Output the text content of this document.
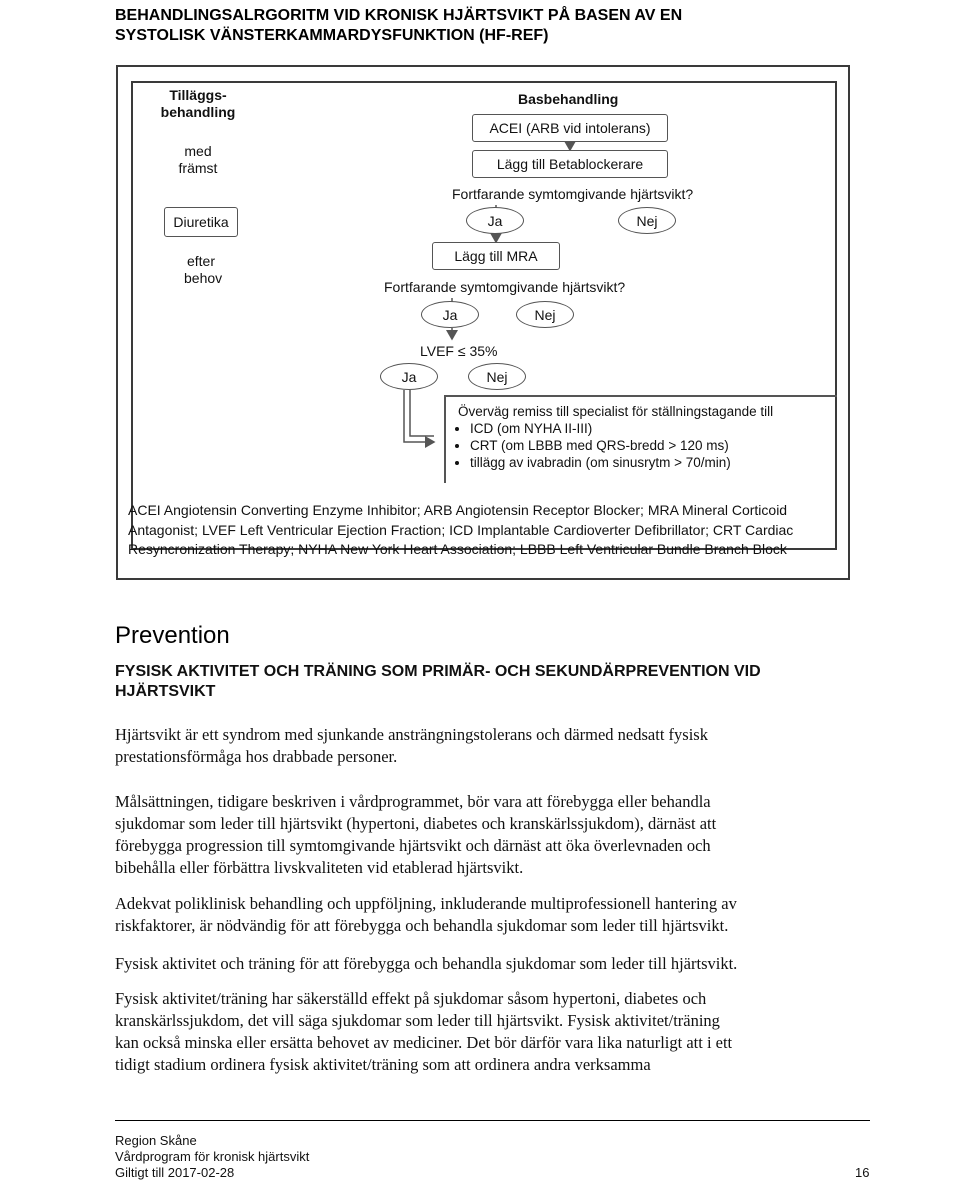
BEHANDLINGSALRGORITM VID KRONISK HJÄRTSVIKT PÅ BASEN AV EN
SYSTOLISK VÄNSTERKAMMARDYSFUNKTION (HF-REF)
Tilläggs-
behandling
med
främst
Diuretika
efter
behov
Basbehandling
ACEI (ARB vid intolerans)
Lägg till Betablockerare
Fortfarande symtomgivande hjärtsvikt?
Ja	Nej
Lägg till MRA
Fortfarande symtomgivande hjärtsvikt?
Ja	Nej
LVEF ≤ 35%
Ja	Nej
Överväg remiss till specialist för ställningstagande till
• ICD (om NYHA II-III)
• CRT (om LBBB med QRS-bredd > 120 ms)
• tillägg av ivabradin (om sinusrytm > 70/min)
ACEI Angiotensin Converting Enzyme Inhibitor; ARB Angiotensin Receptor Blocker; MRA Mineral Corticoid
Antagonist; LVEF Left Ventricular Ejection Fraction; ICD Implantable Cardioverter Defibrillator; CRT Cardiac
Resyncronization Therapy; NYHA New York Heart Association; LBBB Left Ventricular Bundle Branch Block
Prevention
FYSISK AKTIVITET OCH TRÄNING SOM PRIMÄR- OCH SEKUNDÄRPREVENTION VID
HJÄRTSVIKT

Hjärtsvikt är ett syndrom med sjunkande ansträngningstolerans och därmed nedsatt fysisk
prestationsförmåga hos drabbade personer.

Målsättningen, tidigare beskriven i vårdprogrammet, bör vara att förebygga eller behandla
sjukdomar som leder till hjärtsvikt (hypertoni, diabetes och kranskärlssjukdom), därnäst att
förebygga progression till symtomgivande hjärtsvikt och därnäst att öka överlevnaden och
bibehålla eller förbättra livskvaliteten vid etablerad hjärtsvikt.

Adekvat poliklinisk behandling och uppföljning, inkluderande multiprofessionell hantering av
riskfaktorer, är nödvändig för att förebygga och behandla sjukdomar som leder till hjärtsvikt.

Fysisk aktivitet och träning för att förebygga och behandla sjukdomar som leder till hjärtsvikt.

Fysisk aktivitet/träning har säkerställd effekt på sjukdomar såsom hypertoni, diabetes och
kranskärlssjukdom, det vill säga sjukdomar som leder till hjärtsvikt. Fysisk aktivitet/träning
kan också minska eller ersätta behovet av mediciner. Det bör därför vara lika naturligt att i ett
tidigt stadium ordinera fysisk aktivitet/träning som att ordinera andra verksamma

Region Skåne
Vårdprogram för kronisk hjärtsvikt
Giltigt till 2017-02-28	16
